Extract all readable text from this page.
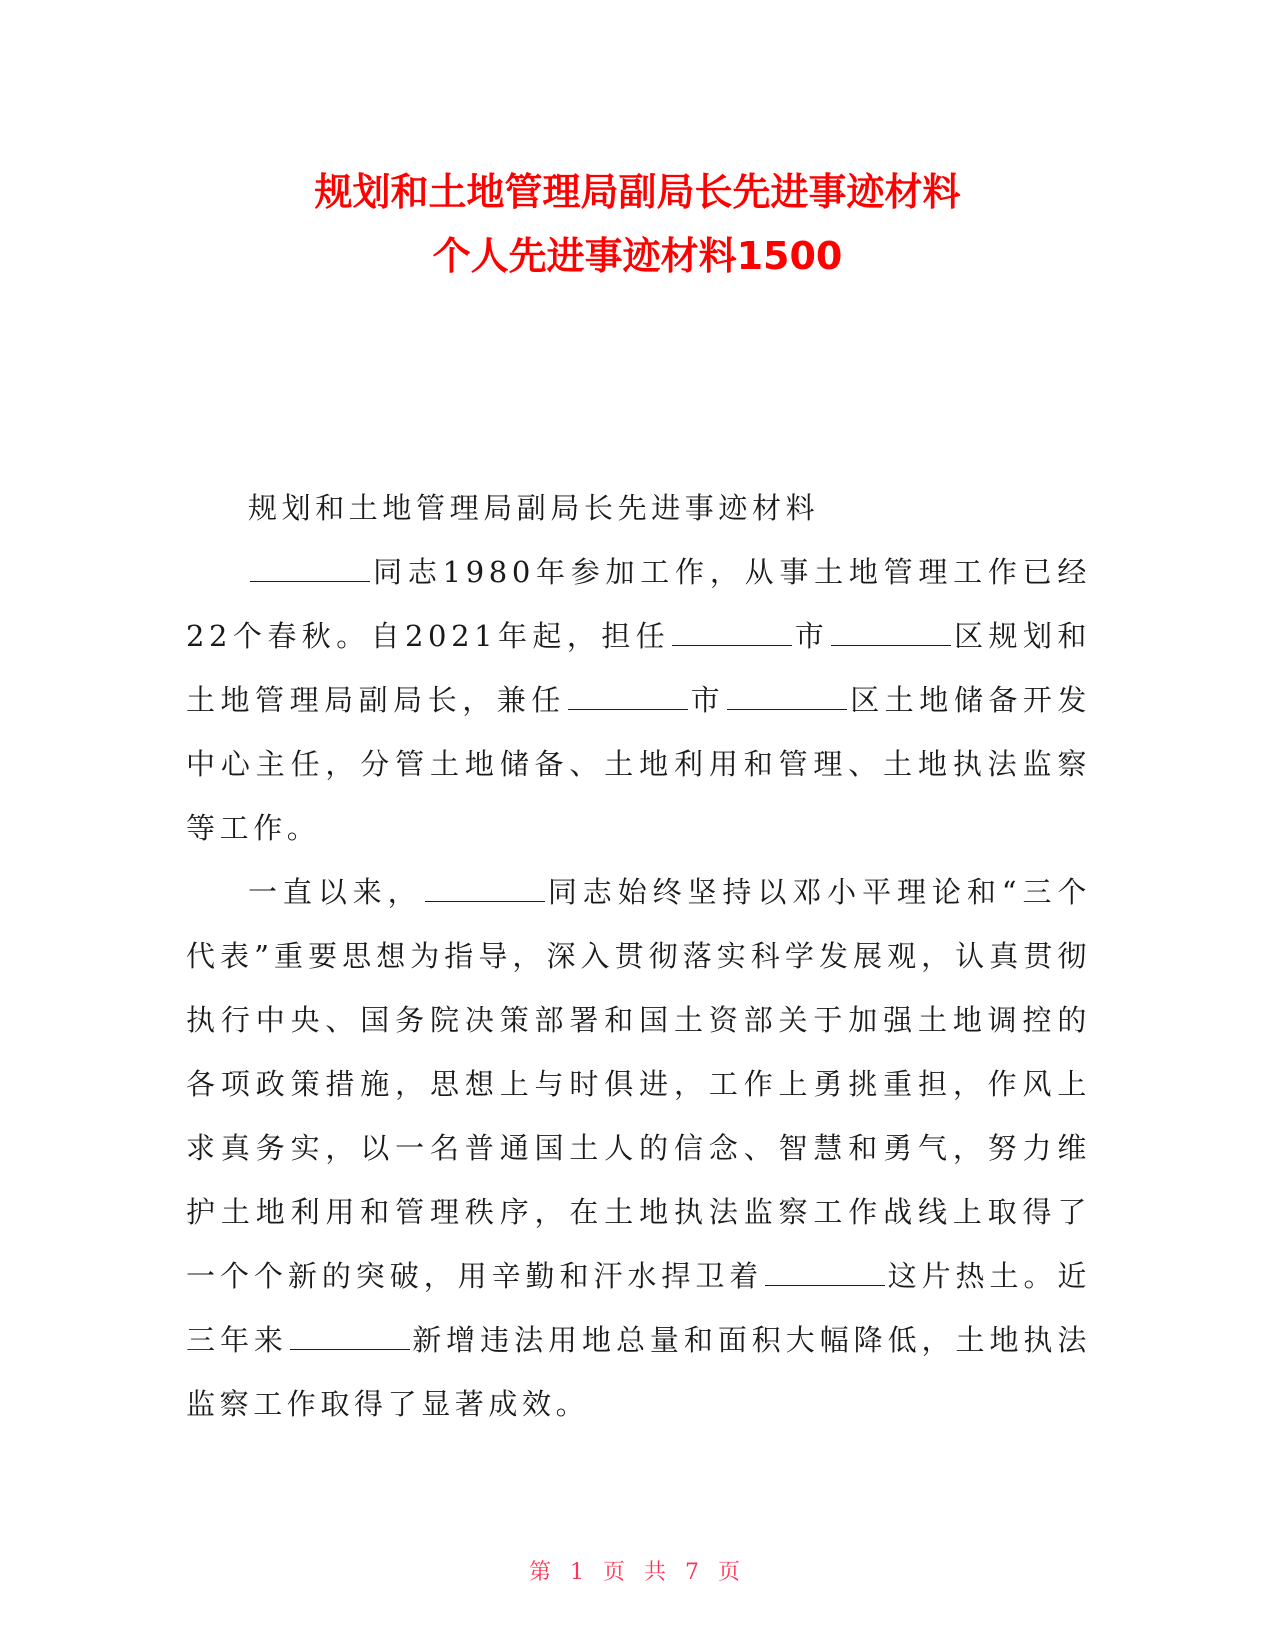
规划和土地管理局副局长先进事迹材料
个人先进事迹材料1500

规划和土地管理局副局长先进事迹材料

同志1980年参加工作，从事土地管理工作已经22个春秋。自2021年起，担任	市	区规划和土地管理局副局长，兼任	市	区土地储备开发中心主任，分管土地储备、土地利用和管理、土地执法监察等工作。

一直以来，	同志始终坚持以邓小平理论和“三个代表”重要思想为指导，深入贯彻落实科学发展观，认真贯彻执行中央、国务院决策部署和国土资部关于加强土地调控的各项政策措施，思想上与时俱进，工作上勇挑重担，作风上求真务实，以一名普通国土人的信念、智慧和勇气，努力维护土地利用和管理秩序，在土地执法监察工作战线上取得了一个个新的突破，用辛勤和汗水捍卫着	这片热土。近三年来	新增违法用地总量和面积大幅降低，土地执法监察工作取得了显著成效。

第 1 页 共 7 页
